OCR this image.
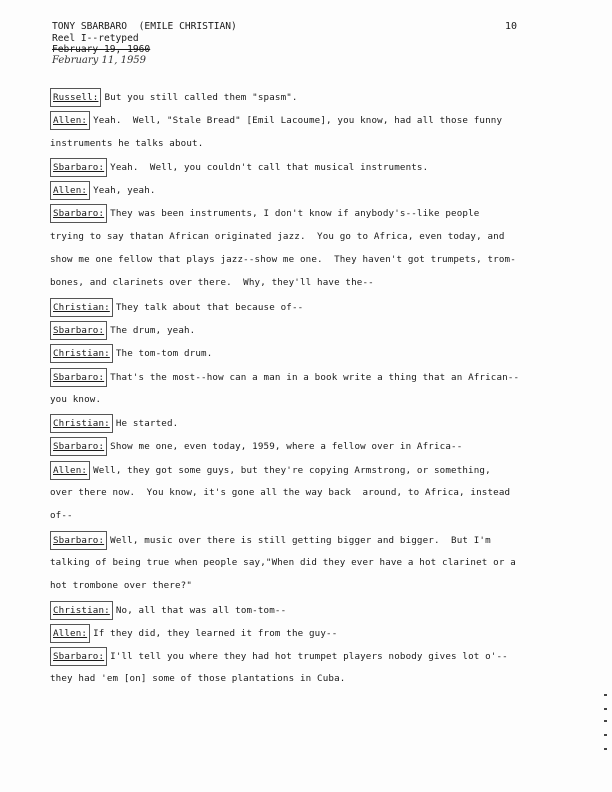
TONY SBARBARO  (EMILE CHRISTIAN)
Reel I--retyped
February 19, 1960
February 11, 1959
10
Russell: But you still called them "spasm".
Allen: Yeah.  Well, "Stale Bread" [Emil Lacoume], you know, had all those funny
instruments he talks about.
Sbarbaro: Yeah.  Well, you couldn't call that musical instruments.
Allen: Yeah, yeah.
Sbarbaro: They was been instruments, I don't know if anybody's--like people
trying to say thatan African originated jazz.  You go to Africa, even today, and
show me one fellow that plays jazz--show me one.  They haven't got trumpets, trom-
bones, and clarinets over there.  Why, they'll have the--
Christian: They talk about that because of--
Sbarbaro: The drum, yeah.
Christian: The tom-tom drum.
Sbarbaro: That's the most--how can a man in a book write a thing that an African--
you know.
Christian: He started.
Sbarbaro: Show me one, even today, 1959, where a fellow over in Africa--
Allen: Well, they got some guys, but they're copying Armstrong, or something,
over there now.  You know, it's gone all the way back  around, to Africa, instead
of--
Sbarbaro: Well, music over there is still getting bigger and bigger.  But I'm
talking of being true when people say,"When did they ever have a hot clarinet or a
hot trombone over there?"
Christian: No, all that was all tom-tom--
Allen: If they did, they learned it from the guy--
Sbarbaro: I'll tell you where they had hot trumpet players nobody gives lot o'--
they had 'em [on] some of those plantations in Cuba.
